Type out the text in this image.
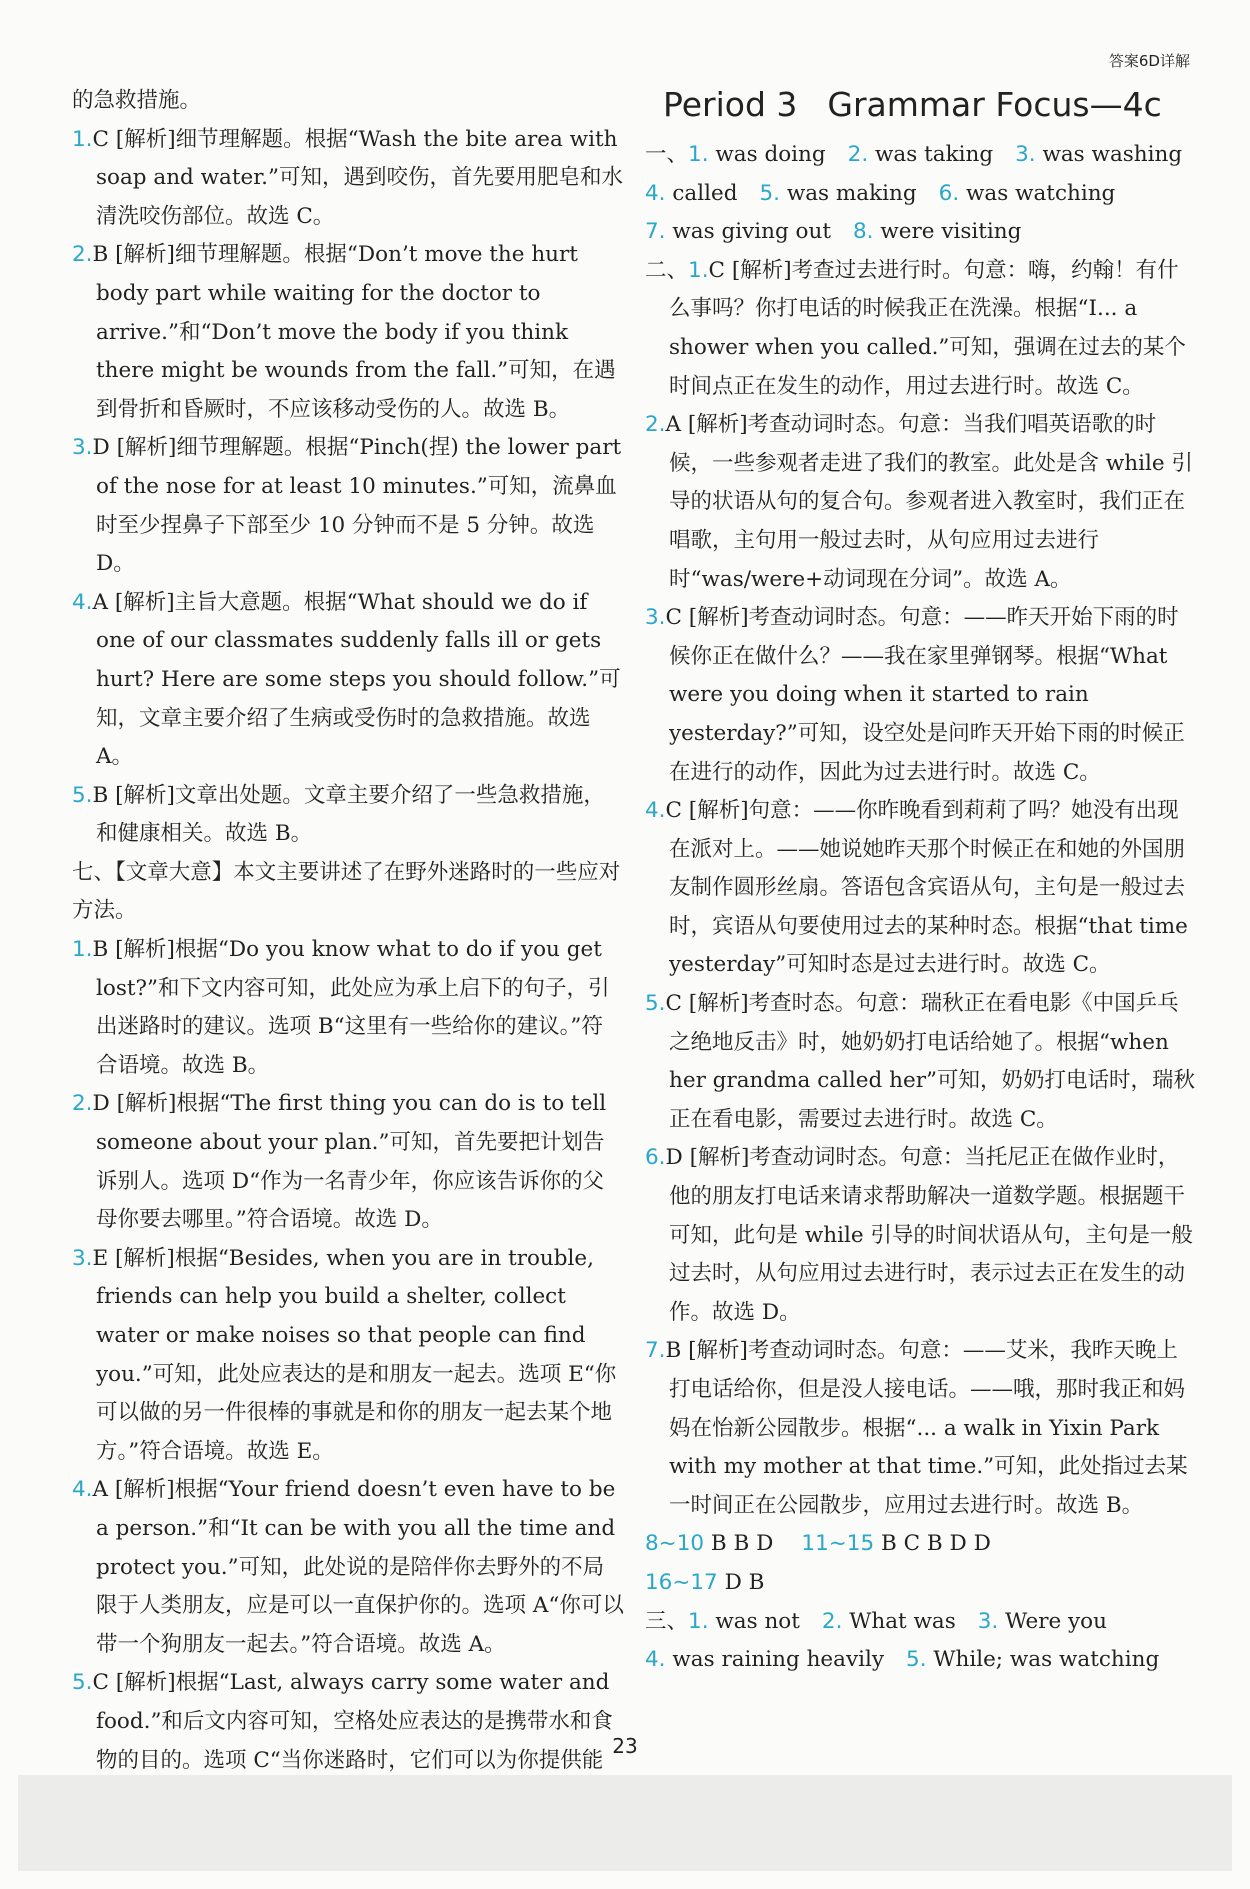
答案6D详解
的急救措施。
1.C [解析]细节理解题。根据“Wash the bite area with soap and water.”可知，遇到咬伤，首先要用肥皂和水清洗咬伤部位。故选 C。
2.B [解析]细节理解题。根据“Don’t move the hurt body part while waiting for the doctor to arrive.”和“Don’t move the body if you think there might be wounds from the fall.”可知，在遇到骨折和昏厥时，不应该移动受伤的人。故选 B。
3.D [解析]细节理解题。根据“Pinch(捏) the lower part of the nose for at least 10 minutes.”可知，流鼻血时至少捏鼻子下部至少 10 分钟而不是 5 分钟。故选 D。
4.A [解析]主旨大意题。根据“What should we do if one of our classmates suddenly falls ill or gets hurt? Here are some steps you should follow.”可知，文章主要介绍了生病或受伤时的急救措施。故选 A。
5.B [解析]文章出处题。文章主要介绍了一些急救措施，和健康相关。故选 B。
七、【文章大意】本文主要讲述了在野外迷路时的一些应对方法。
1.B [解析]根据“Do you know what to do if you get lost?”和下文内容可知，此处应为承上启下的句子，引出迷路时的建议。选项 B“这里有一些给你的建议。”符合语境。故选 B。
2.D [解析]根据“The first thing you can do is to tell someone about your plan.”可知，首先要把计划告诉别人。选项 D“作为一名青少年，你应该告诉你的父母你要去哪里。”符合语境。故选 D。
3.E [解析]根据“Besides, when you are in trouble, friends can help you build a shelter, collect water or make noises so that people can find you.”可知，此处应表达的是和朋友一起去。选项 E“你可以做的另一件很棒的事就是和你的朋友一起去某个地方。”符合语境。故选 E。
4.A [解析]根据“Your friend doesn’t even have to be a person.”和“It can be with you all the time and protect you.”可知，此处说的是陪伴你去野外的不局限于人类朋友，应是可以一直保护你的。选项 A“你可以带一个狗朋友一起去。”符合语境。故选 A。
5.C [解析]根据“Last, always carry some water and food.”和后文内容可知，空格处应表达的是携带水和食物的目的。选项 C“当你迷路时，它们可以为你提供能
Period 3 Grammar Focus—4c
一、1. was doing 2. was taking 3. was washing
4. called 5. was making 6. was watching
7. was giving out 8. were visiting
二、1.C [解析]考查过去进行时。句意：嗨，约翰！有什么事吗？你打电话的时候我正在洗澡。根据“I... a shower when you called.”可知，强调在过去的某个时间点正在发生的动作，用过去进行时。故选 C。
2.A [解析]考查动词时态。句意：当我们唱英语歌的时候，一些参观者走进了我们的教室。此处是含 while 引导的状语从句的复合句。参观者进入教室时，我们正在唱歌，主句用一般过去时，从句应用过去进行时“was/were+动词现在分词”。故选 A。
3.C [解析]考查动词时态。句意：——昨天开始下雨的时候你正在做什么？——我在家里弹钢琴。根据“What were you doing when it started to rain yesterday?”可知，设空处是问昨天开始下雨的时候正在进行的动作，因此为过去进行时。故选 C。
4.C [解析]句意：——你昨晚看到莉莉了吗？她没有出现在派对上。——她说她昨天那个时候正在和她的外国朋友制作圆形丝扇。答语包含宾语从句，主句是一般过去时，宾语从句要使用过去的某种时态。根据“that time yesterday”可知时态是过去进行时。故选 C。
5.C [解析]考查时态。句意：瑞秋正在看电影《中国乒乓之绝地反击》时，她奶奶打电话给她了。根据“when her grandma called her”可知，奶奶打电话时，瑞秋正在看电影，需要过去进行时。故选 C。
6.D [解析]考查动词时态。句意：当托尼正在做作业时，他的朋友打电话来请求帮助解决一道数学题。根据题干可知，此句是 while 引导的时间状语从句，主句是一般过去时，从句应用过去进行时，表示过去正在发生的动作。故选 D。
7.B [解析]考查动词时态。句意：——艾米，我昨天晚上打电话给你，但是没人接电话。——哦，那时我正和妈妈在怡新公园散步。根据“... a walk in Yixin Park with my mother at that time.”可知，此处指过去某一时间正在公园散步，应用过去进行时。故选 B。
8~10 B B D 11~15 B C B D D
16~17 D B
三、1. was not 2. What was 3. Were you
4. was raining heavily 5. While; was watching
23
